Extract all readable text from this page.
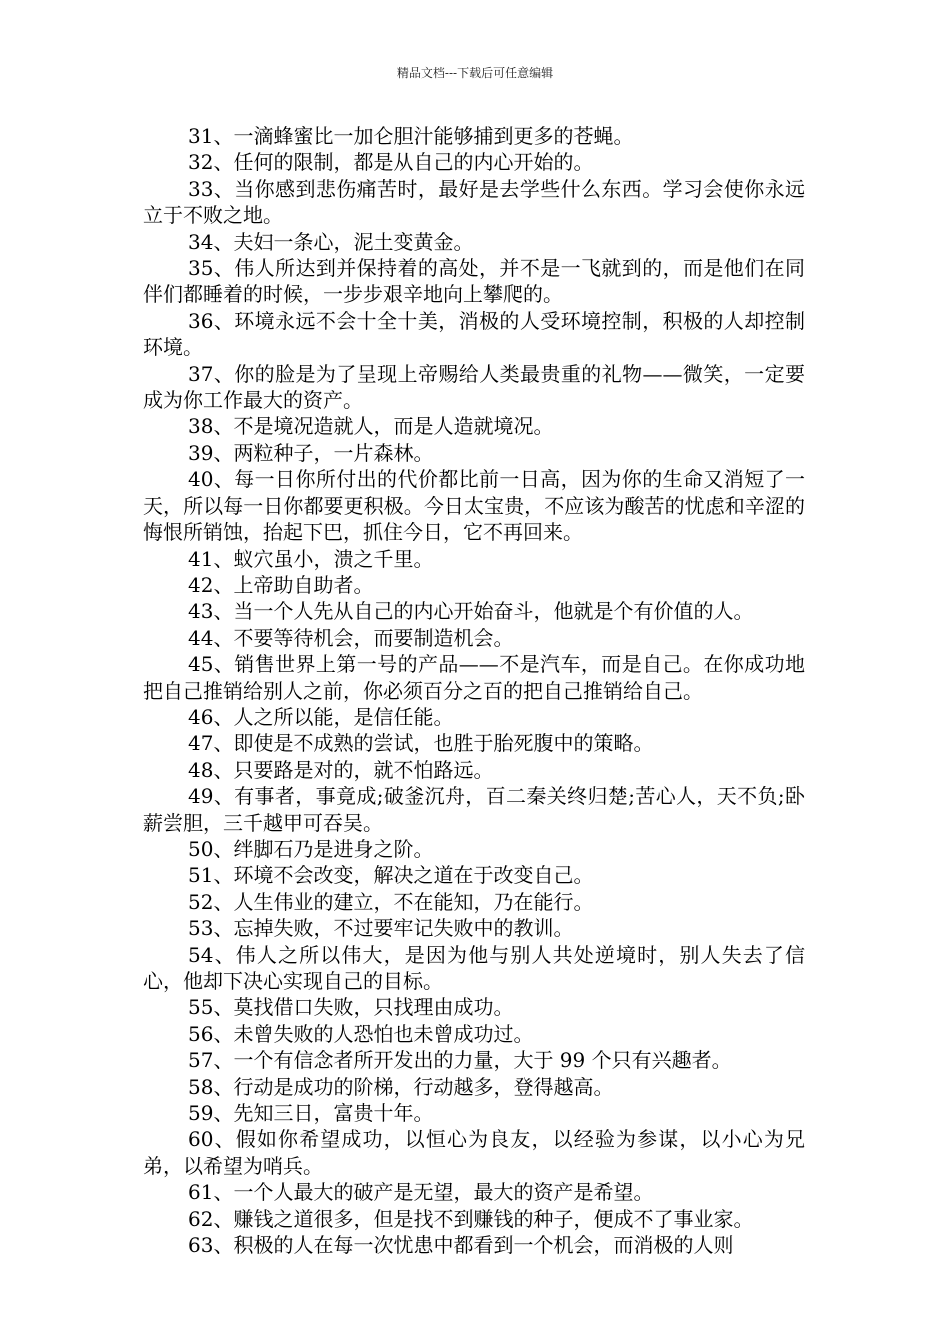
精品文档---下载后可任意编辑

31、一滴蜂蜜比一加仑胆汁能够捕到更多的苍蝇。

32、任何的限制，都是从自己的内心开始的。

33、当你感到悲伤痛苦时，最好是去学些什么东西。学习会使你永远立于不败之地。

34、夫妇一条心，泥土变黄金。

35、伟人所达到并保持着的高处，并不是一飞就到的，而是他们在同伴们都睡着的时候，一步步艰辛地向上攀爬的。

36、环境永远不会十全十美，消极的人受环境控制，积极的人却控制环境。

37、你的脸是为了呈现上帝赐给人类最贵重的礼物——微笑，一定要成为你工作最大的资产。

38、不是境况造就人，而是人造就境况。

39、两粒种子，一片森林。

40、每一日你所付出的代价都比前一日高，因为你的生命又消短了一天，所以每一日你都要更积极。今日太宝贵，不应该为酸苦的忧虑和辛涩的悔恨所销蚀，抬起下巴，抓住今日，它不再回来。

41、蚁穴虽小，溃之千里。

42、上帝助自助者。

43、当一个人先从自己的内心开始奋斗，他就是个有价值的人。

44、不要等待机会，而要制造机会。

45、销售世界上第一号的产品——不是汽车，而是自己。在你成功地把自己推销给别人之前，你必须百分之百的把自己推销给自己。

46、人之所以能，是信任能。

47、即使是不成熟的尝试，也胜于胎死腹中的策略。

48、只要路是对的，就不怕路远。

49、有事者，事竟成;破釜沉舟，百二秦关终归楚;苦心人，天不负;卧薪尝胆，三千越甲可吞吴。

50、绊脚石乃是进身之阶。

51、环境不会改变，解决之道在于改变自己。

52、人生伟业的建立，不在能知，乃在能行。

53、忘掉失败，不过要牢记失败中的教训。

54、伟人之所以伟大，是因为他与别人共处逆境时，别人失去了信心，他却下决心实现自己的目标。

55、莫找借口失败，只找理由成功。

56、未曾失败的人恐怕也未曾成功过。

57、一个有信念者所开发出的力量，大于 99 个只有兴趣者。

58、行动是成功的阶梯，行动越多，登得越高。

59、先知三日，富贵十年。

60、假如你希望成功，以恒心为良友，以经验为参谋，以小心为兄弟，以希望为哨兵。

61、一个人最大的破产是无望，最大的资产是希望。

62、赚钱之道很多，但是找不到赚钱的种子，便成不了事业家。

63、积极的人在每一次忧患中都看到一个机会，而消极的人则
